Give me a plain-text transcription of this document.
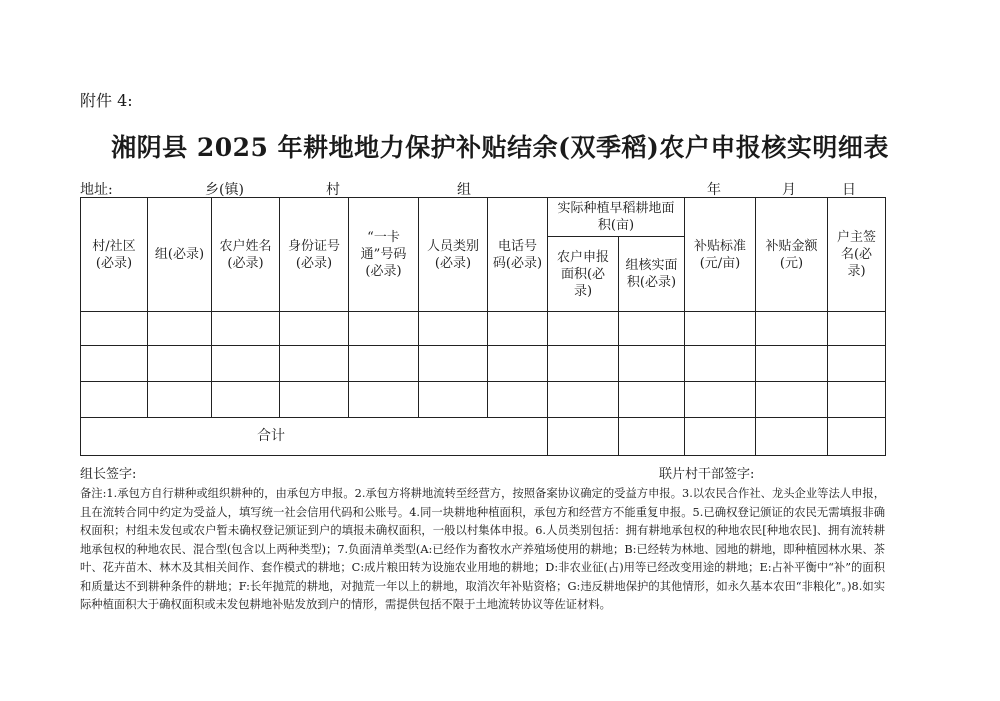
附件 4:
湘阴县 2025 年耕地地力保护补贴结余(双季稻)农户申报核实明细表
地址:	乡(镇)	村	组	年	月	日
村/社区(必录)	组(必录)	农户姓名(必录)	身份证号(必录)	“一卡通”号码(必录)	人员类别(必录)	电话号码(必录)	实际种植早稻耕地面积(亩)		补贴标准(元/亩)	补贴金额(元)	户主签名(必录)
							农户申报面积(必录)	组核实面积(必录)			

合计											
组长签字:	联片村干部签字:
备注:1.承包方自行耕种或组织耕种的，由承包方申报。2.承包方将耕地流转至经营方，按照备案协议确定的受益方申报。3.以农民合作社、龙头企业等法人申报，且在流转合同中约定为受益人，填写统一社会信用代码和公账号。4.同一块耕地种植面积，承包方和经营方不能重复申报。5.已确权登记颁证的农民无需填报非确权面积；村组未发包或农户暂未确权登记颁证到户的填报未确权面积，一般以村集体申报。6.人员类别包括：拥有耕地承包权的种地农民[种地农民]、拥有流转耕地承包权的种地农民、混合型(包含以上两种类型)；7.负面清单类型(A:已经作为畜牧水产养殖场使用的耕地；B:已经转为林地、园地的耕地，即种植园林水果、茶叶、花卉苗木、林木及其相关间作、套作模式的耕地；C:成片粮田转为设施农业用地的耕地；D:非农业征(占)用等已经改变用途的耕地；E:占补平衡中“补”的面积和质量达不到耕种条件的耕地；F:长年抛荒的耕地，对抛荒一年以上的耕地，取消次年补贴资格；G:违反耕地保护的其他情形，如永久基本农田“非粮化”。)8.如实际种植面积大于确权面积或未发包耕地补贴发放到户的情形，需提供包括不限于土地流转协议等佐证材料。
